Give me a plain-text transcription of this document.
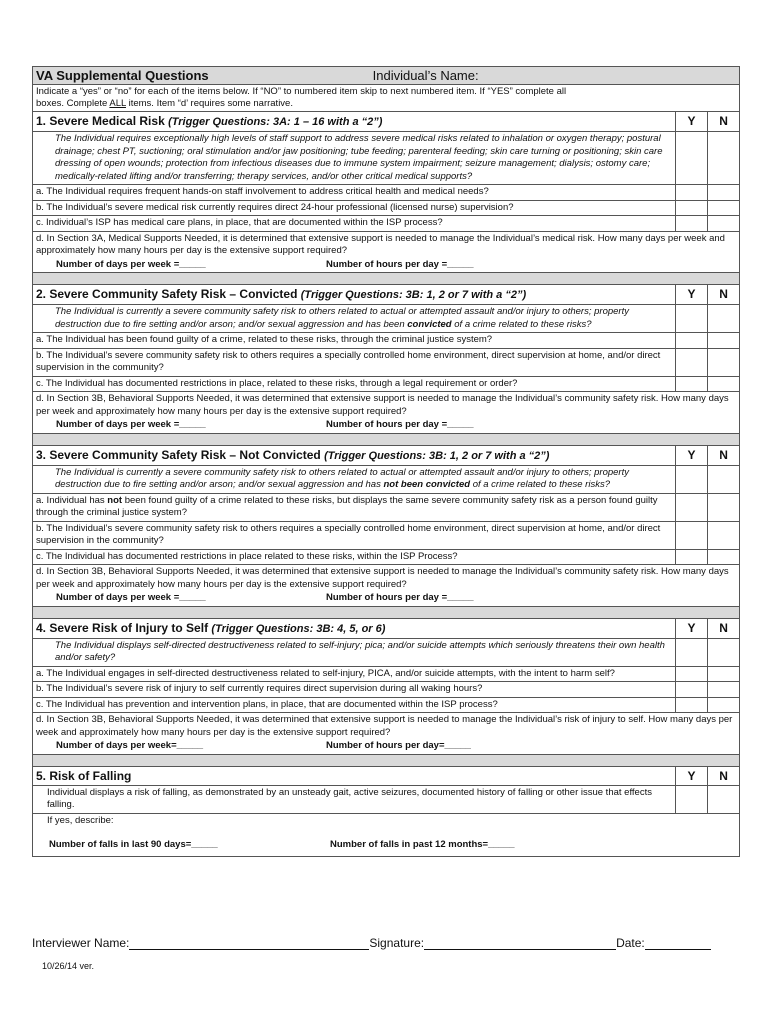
VA Supplemental Questions Individual’s Name:		
Indicate a “yes” or “no” for each of the items below. If “NO” to numbered item skip to next numbered item. If “YES” complete all
boxes. Complete ALL items. Item “d’ requires some narrative.		
1. Severe Medical Risk (Trigger Questions: 3A: 1 – 16 with a “2”)	Y	N
The Individual requires exceptionally high levels of staff support to address severe medical risks related to inhalation or oxygen therapy; postural drainage; chest PT, suctioning; oral stimulation and/or jaw positioning; tube feeding; parenteral feeding; skin care turning or positioning; skin care dressing of open wounds; protection from infectious diseases due to immune system impairment; seizure management; dialysis; ostomy care; medically-related lifting and/or transferring; therapy services, and/or other critical medical supports?		
a. The Individual requires frequent hands-on staff involvement to address critical health and medical needs?		
b. The Individual’s severe medical risk currently requires direct 24-hour professional (licensed nurse) supervision?		
c. Individual’s ISP has medical care plans, in place, that are documented within the ISP process?		
d. In Section 3A, Medical Supports Needed, it is determined that extensive support is needed to manage the Individual’s medical risk. How many days per week and approximately how many hours per day is the extensive support required?
Number of days per week =_____ Number of hours per day =_____		

2. Severe Community Safety Risk – Convicted (Trigger Questions: 3B: 1, 2 or 7 with a “2”)	Y	N
The Individual is currently a severe community safety risk to others related to actual or attempted assault and/or injury to others; property destruction due to fire setting and/or arson; and/or sexual aggression and has been convicted of a crime related to these risks?		
a. The Individual has been found guilty of a crime, related to these risks, through the criminal justice system?		
b. The Individual’s severe community safety risk to others requires a specially controlled home environment, direct supervision at home, and/or direct supervision in the community?		
c. The Individual has documented restrictions in place, related to these risks, through a legal requirement or order?		
d. In Section 3B, Behavioral Supports Needed, it was determined that extensive support is needed to manage the Individual’s community safety risk. How many days per week and approximately how many hours per day is the extensive support required?
Number of days per week =_____ Number of hours per day =_____		

3. Severe Community Safety Risk – Not Convicted (Trigger Questions: 3B: 1, 2 or 7 with a “2”)	Y	N
The Individual is currently a severe community safety risk to others related to actual or attempted assault and/or injury to others; property destruction due to fire setting and/or arson; and/or sexual aggression and has not been convicted of a crime related to these risks?		
a. Individual has not been found guilty of a crime related to these risks, but displays the same severe community safety risk as a person found guilty through the criminal justice system?		
b. The Individual’s severe community safety risk to others requires a specially controlled home environment, direct supervision at home, and/or direct supervision in the community?		
c. The Individual has documented restrictions in place related to these risks, within the ISP Process?		
d. In Section 3B, Behavioral Supports Needed, it was determined that extensive support is needed to manage the Individual’s community safety risk. How many days per week and approximately how many hours per day is the extensive support required?
Number of days per week =_____ Number of hours per day =_____		

4. Severe Risk of Injury to Self (Trigger Questions: 3B: 4, 5, or 6)	Y	N
The Individual displays self-directed destructiveness related to self-injury; pica; and/or suicide attempts which seriously threatens their own health and/or safety?		
a. The Individual engages in self-directed destructiveness related to self-injury, PICA, and/or suicide attempts, with the intent to harm self?		
b. The Individual’s severe risk of injury to self currently requires direct supervision during all waking hours?		
c. The Individual has prevention and intervention plans, in place, that are documented within the ISP process?		
d. In Section 3B, Behavioral Supports Needed, it was determined that extensive support is needed to manage the Individual’s risk of injury to self. How many days per week and approximately how many hours per day is the extensive support required?
Number of days per week=_____ Number of hours per day=_____		

5. Risk of Falling	Y	N
Individual displays a risk of falling, as demonstrated by an unsteady gait, active seizures, documented history of falling or other issue that effects falling.		
If yes, describe:
Number of falls in last 90 days=_____ Number of falls in past 12 months=_____		
Interviewer Name:	Signature:	Date:
10/26/14 ver.
